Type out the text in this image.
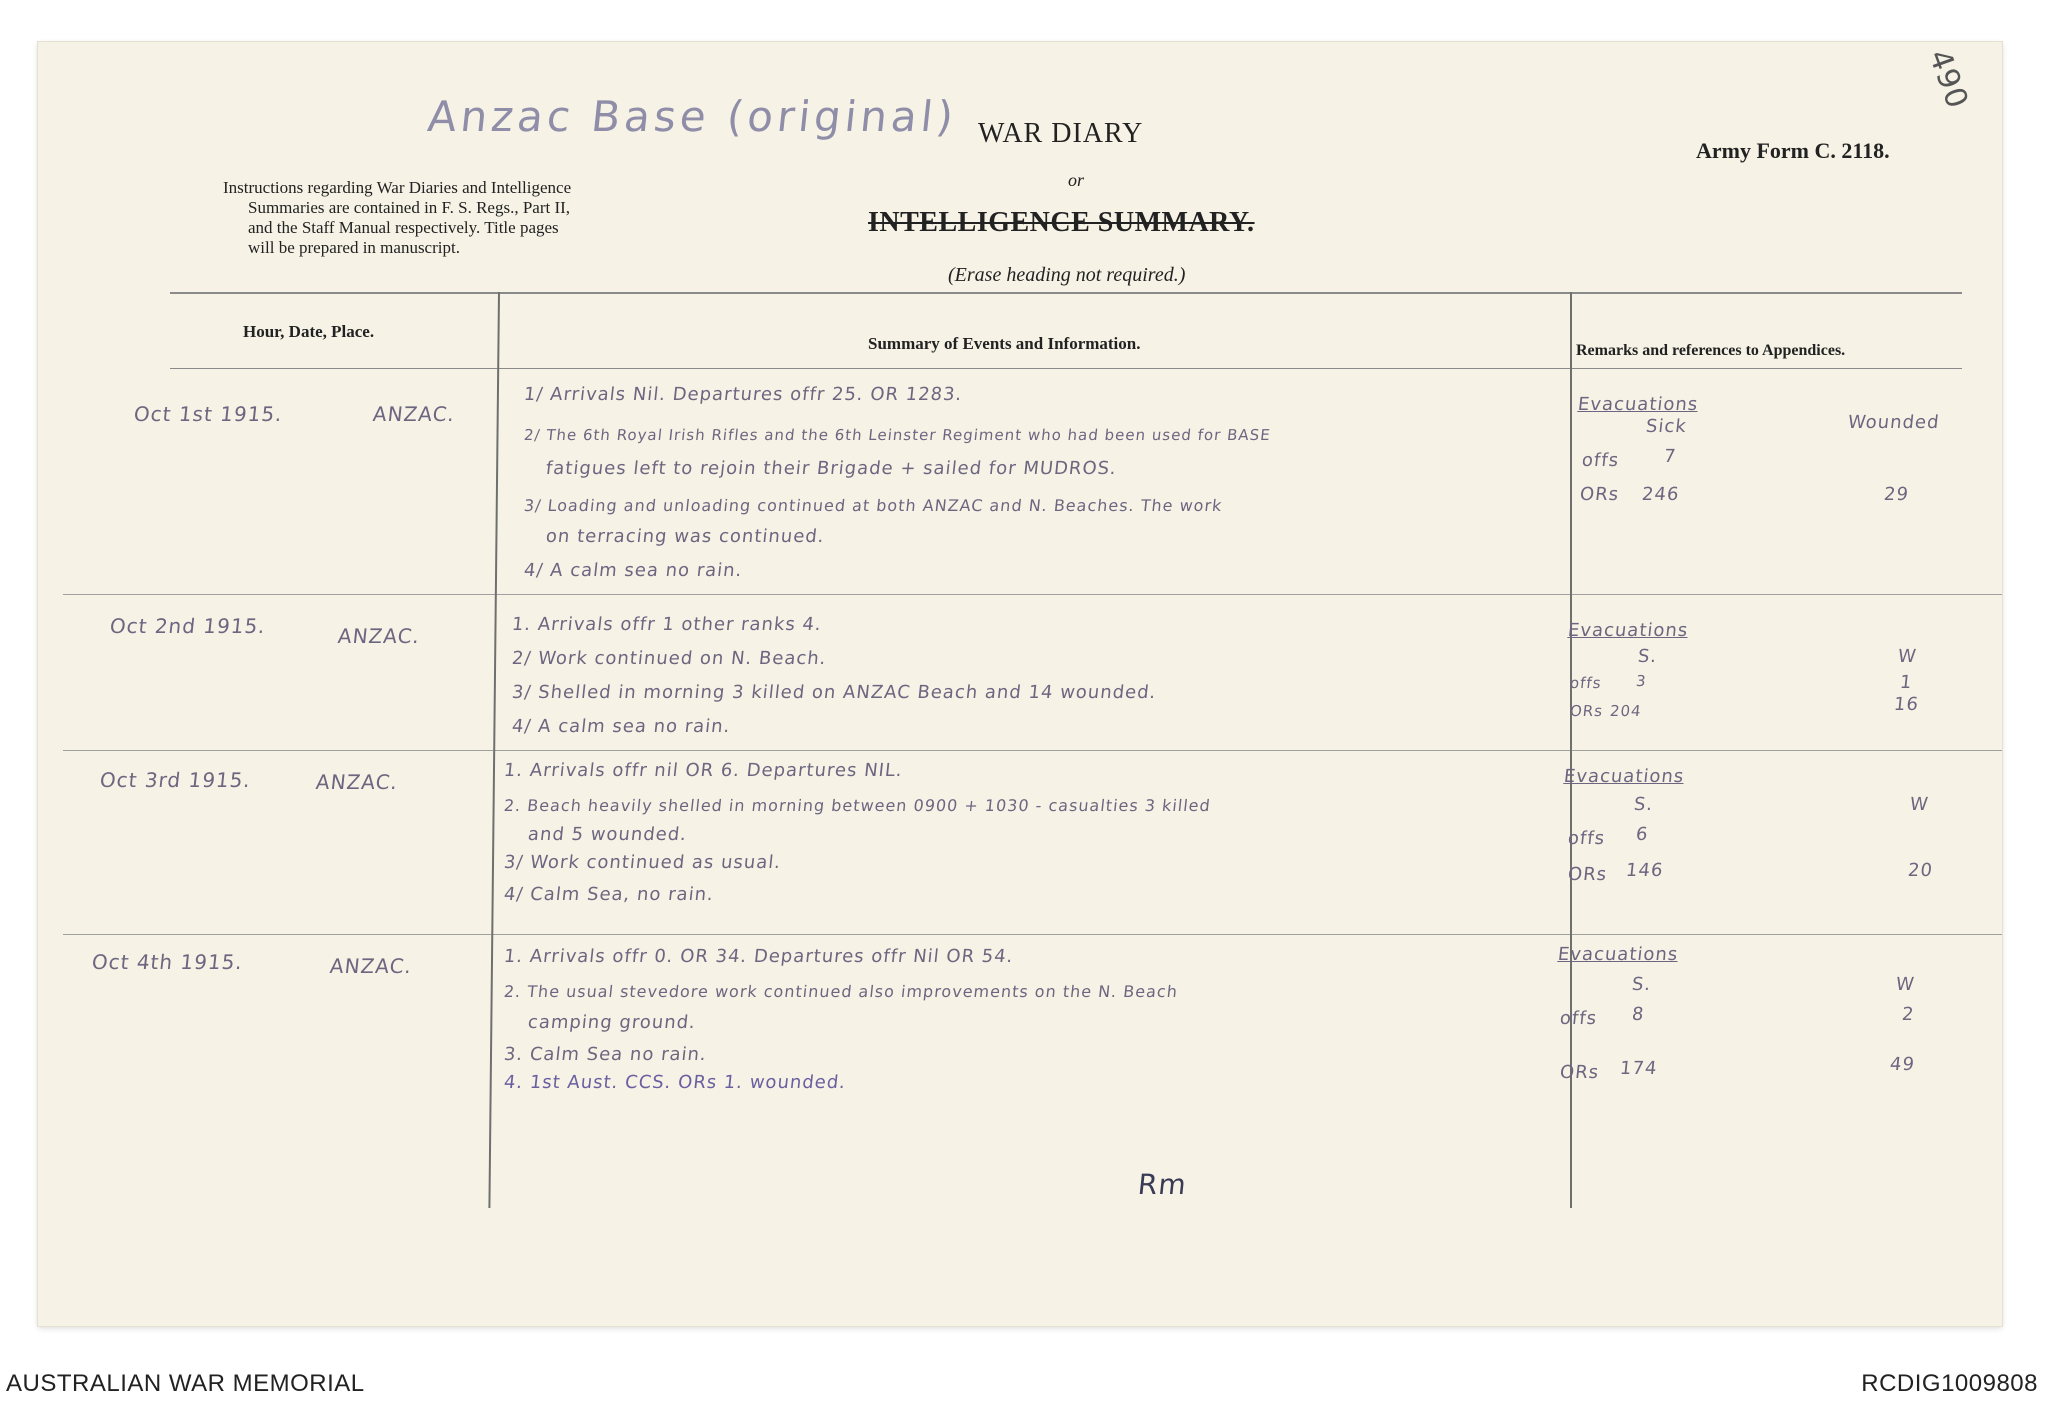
Anzac Base (original)
490
WAR DIARY
or
INTELLIGENCE SUMMARY.
(Erase heading not required.)
Army Form C. 2118.
Instructions regarding War Diaries and Intelligence
Summaries are contained in F. S. Regs., Part II,
and the Staff Manual respectively. Title pages
will be prepared in manuscript.
Hour, Date, Place.
Summary of Events and Information.	Remarks and references to Appendices.
Oct 1st 1915.	ANZAC.
1/ Arrivals Nil. Departures offr 25. OR 1283.
2/ The 6th Royal Irish Rifles and the 6th Leinster Regiment who had been used for BASE
fatigues left to rejoin their Brigade + sailed for MUDROS.
3/ Loading and unloading continued at both ANZAC and N. Beaches. The work
on terracing was continued.
4/ A calm sea no rain.
Evacuations
Sick	Wounded
offs 7
ORs 246	29
Oct 2nd 1915.	ANZAC.	1. Arrivals offr 1 other ranks 4.
2/ Work continued on N. Beach.
3/ Shelled in morning 3 killed on ANZAC Beach and 14 wounded.
4/ A calm sea no rain.
Evacuations
S.	W
offs 3	1
ORs 204	16
Oct 3rd 1915.	ANZAC.	1. Arrivals offr nil OR 6. Departures NIL.
2. Beach heavily shelled in morning between 0900 + 1030 - casualties 3 killed
and 5 wounded.
3/ Work continued as usual.
4/ Calm Sea, no rain.
Evacuations
S.	W
offs 6
ORs 146	20
Oct 4th 1915.	ANZAC.	1. Arrivals offr 0. OR 34. Departures offr Nil OR 54.
2. The usual stevedore work continued also improvements on the N. Beach
camping ground.
3. Calm Sea no rain.
4. 1st Aust. CCS. ORs 1. wounded.
Evacuations
S.	W
offs 8	2
ORs 174	49
Rm
AUSTRALIAN WAR MEMORIAL	RCDIG1009808
